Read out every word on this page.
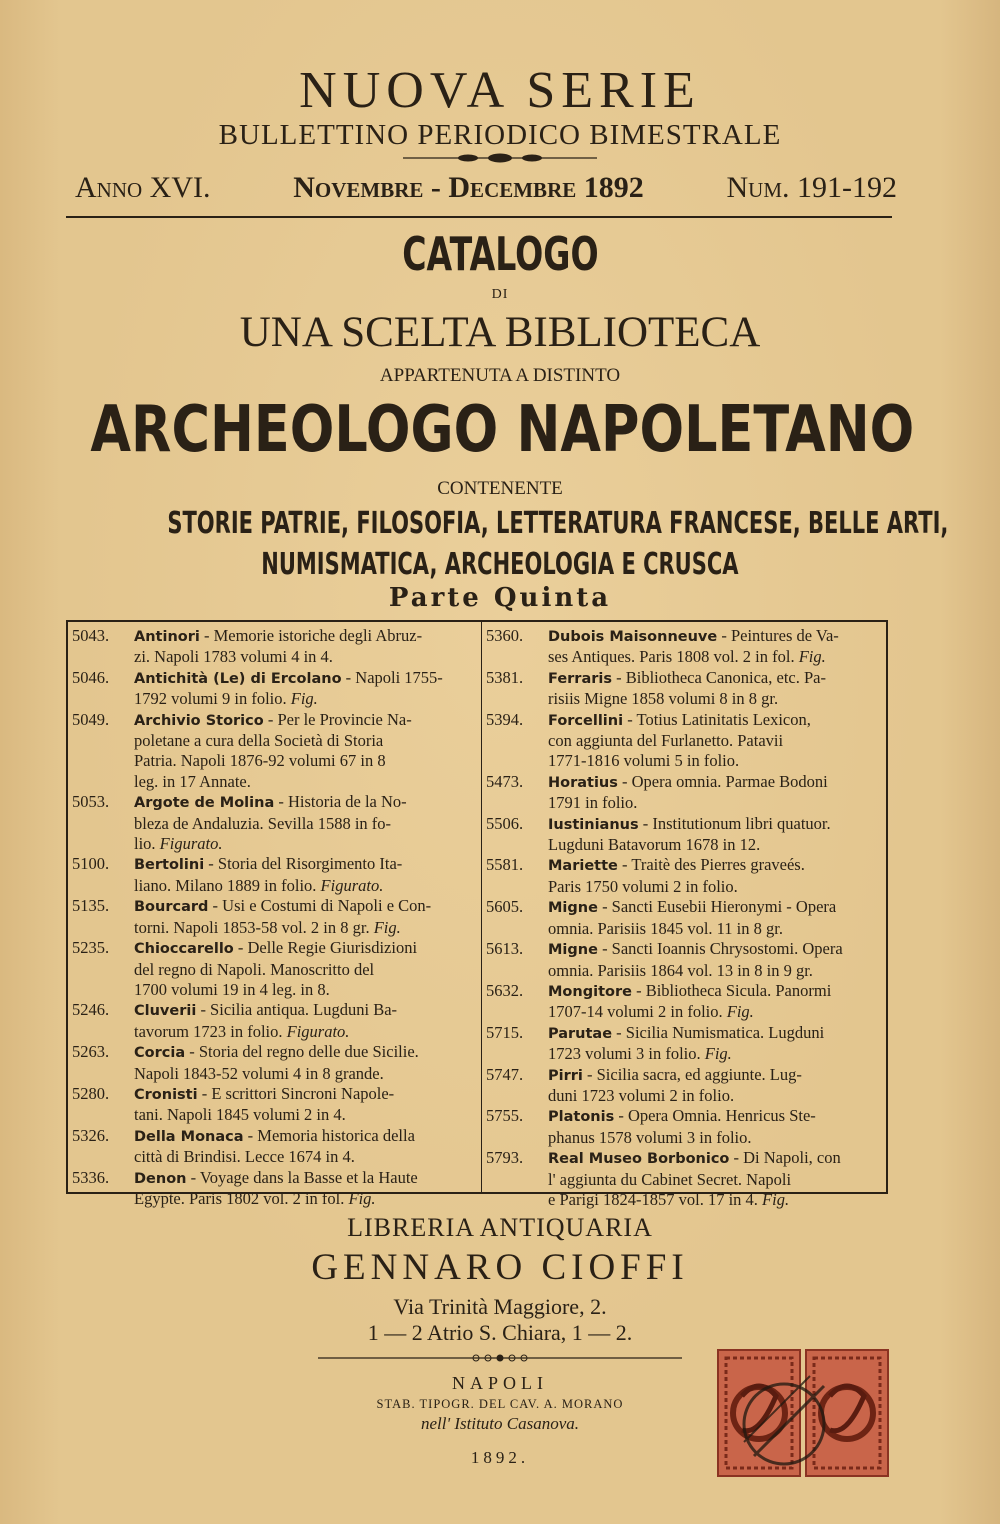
NUOVA SERIE
BULLETTINO PERIODICO BIMESTRALE
Anno XVI.	Novembre - Decembre 1892	Num. 191-192
CATALOGO
DI
UNA SCELTA BIBLIOTECA
APPARTENUTA A DISTINTO
ARCHEOLOGO NAPOLETANO
CONTENENTE
STORIE PATRIE, FILOSOFIA, LETTERATURA FRANCESE, BELLE ARTI,
NUMISMATICA, ARCHEOLOGIA E CRUSCA
Parte Quinta
5043.	Antinori - Memorie istoriche degli Abruz-
zi. Napoli 1783 volumi 4 in 4.
5046.	Antichità (Le) di Ercolano - Napoli 1755-
1792 volumi 9 in folio. Fig.
5049.	Archivio Storico - Per le Provincie Na-
poletane a cura della Società di Storia
Patria. Napoli 1876-92 volumi 67 in 8
leg. in 17 Annate.
5053.	Argote de Molina - Historia de la No-
bleza de Andaluzia. Sevilla 1588 in fo-
lio. Figurato.
5100.	Bertolini - Storia del Risorgimento Ita-
liano. Milano 1889 in folio. Figurato.
5135.	Bourcard - Usi e Costumi di Napoli e Con-
torni. Napoli 1853-58 vol. 2 in 8 gr. Fig.
5235.	Chioccarello - Delle Regie Giurisdizioni
del regno di Napoli. Manoscritto del
1700 volumi 19 in 4 leg. in 8.
5246.	Cluverii - Sicilia antiqua. Lugduni Ba-
tavorum 1723 in folio. Figurato.
5263.	Corcia - Storia del regno delle due Sicilie.
Napoli 1843-52 volumi 4 in 8 grande.
5280.	Cronisti - E scrittori Sincroni Napole-
tani. Napoli 1845 volumi 2 in 4.
5326.	Della Monaca - Memoria historica della
città di Brindisi. Lecce 1674 in 4.
5336.	Denon - Voyage dans la Basse et la Haute
Egypte. Paris 1802 vol. 2 in fol. Fig.
5360.	Dubois Maisonneuve - Peintures de Va-
ses Antiques. Paris 1808 vol. 2 in fol. Fig.
5381.	Ferraris - Bibliotheca Canonica, etc. Pa-
risiis Migne 1858 volumi 8 in 8 gr.
5394.	Forcellini - Totius Latinitatis Lexicon,
con aggiunta del Furlanetto. Patavii
1771-1816 volumi 5 in folio.
5473.	Horatius - Opera omnia. Parmae Bodoni
1791 in folio.
5506.	Iustinianus - Institutionum libri quatuor.
Lugduni Batavorum 1678 in 12.
5581.	Mariette - Traitè des Pierres graveés.
Paris 1750 volumi 2 in folio.
5605.	Migne - Sancti Eusebii Hieronymi - Opera
omnia. Parisiis 1845 vol. 11 in 8 gr.
5613.	Migne - Sancti Ioannis Chrysostomi. Opera
omnia. Parisiis 1864 vol. 13 in 8 in 9 gr.
5632.	Mongitore - Bibliotheca Sicula. Panormi
1707-14 volumi 2 in folio. Fig.
5715.	Parutae - Sicilia Numismatica. Lugduni
1723 volumi 3 in folio. Fig.
5747.	Pirri - Sicilia sacra, ed aggiunte. Lug-
duni 1723 volumi 2 in folio.
5755.	Platonis - Opera Omnia. Henricus Ste-
phanus 1578 volumi 3 in folio.
5793.	Real Museo Borbonico - Di Napoli, con
l' aggiunta du Cabinet Secret. Napoli
e Parigi 1824-1857 vol. 17 in 4. Fig.
LIBRERIA ANTIQUARIA
GENNARO CIOFFI
Via Trinità Maggiore, 2.
1 — 2 Atrio S. Chiara, 1 — 2.
NAPOLI
STAB. TIPOGR. DEL CAV. A. MORANO
nell' Istituto Casanova.
1892.
